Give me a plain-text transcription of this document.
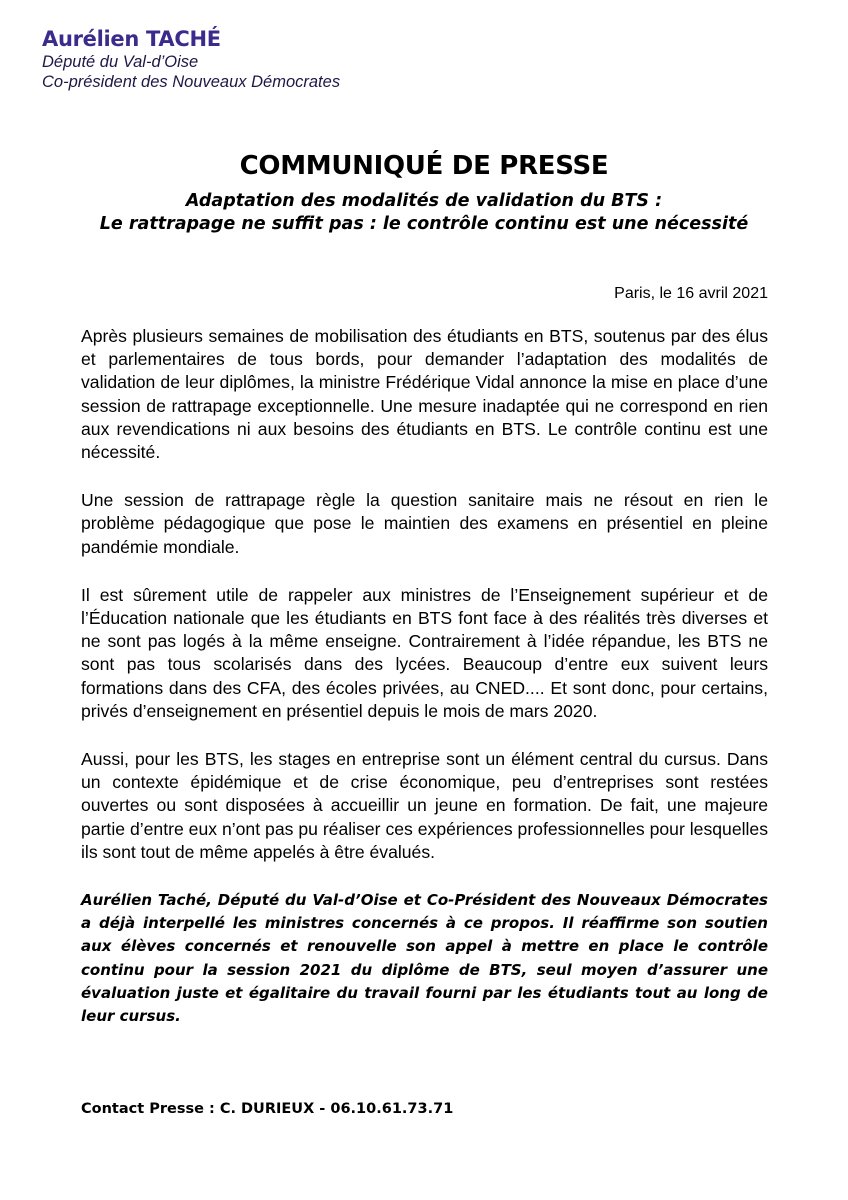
Aurélien TACHÉ
Député du Val-d’Oise
Co-président des Nouveaux Démocrates
COMMUNIQUÉ DE PRESSE
Adaptation des modalités de validation du BTS :
Le rattrapage ne suffit pas : le contrôle continu est une nécessité
Paris, le 16 avril 2021

Après plusieurs semaines de mobilisation des étudiants en BTS, soutenus par des élus et parlementaires de tous bords, pour demander l’adaptation des modalités de validation de leur diplômes, la ministre Frédérique Vidal annonce la mise en place d’une session de rattrapage exceptionnelle. Une mesure inadaptée qui ne correspond en rien aux revendications ni aux besoins des étudiants en BTS. Le contrôle continu est une nécessité.

Une session de rattrapage règle la question sanitaire mais ne résout en rien le problème pédagogique que pose le maintien des examens en présentiel en pleine pandémie mondiale.

Il est sûrement utile de rappeler aux ministres de l’Enseignement supérieur et de l’Éducation nationale que les étudiants en BTS font face à des réalités très diverses et ne sont pas logés à la même enseigne. Contrairement à l’idée répandue, les BTS ne sont pas tous scolarisés dans des lycées. Beaucoup d’entre eux suivent leurs formations dans des CFA, des écoles privées, au CNED.... Et sont donc, pour certains, privés d’enseignement en présentiel depuis le mois de mars 2020.

Aussi, pour les BTS, les stages en entreprise sont un élément central du cursus. Dans un contexte épidémique et de crise économique, peu d’entreprises sont restées ouvertes ou sont disposées à accueillir un jeune en formation. De fait, une majeure partie d’entre eux n’ont pas pu réaliser ces expériences professionnelles pour lesquelles ils sont tout de même appelés à être évalués.

Aurélien Taché, Député du Val-d’Oise et Co-Président des Nouveaux Démocrates a déjà interpellé les ministres concernés à ce propos. Il réaffirme son soutien aux élèves concernés et renouvelle son appel à mettre en place le contrôle continu pour la session 2021 du diplôme de BTS, seul moyen d’assurer une évaluation juste et égalitaire du travail fourni par les étudiants tout au long de leur cursus.

Contact Presse : C. DURIEUX - 06.10.61.73.71
